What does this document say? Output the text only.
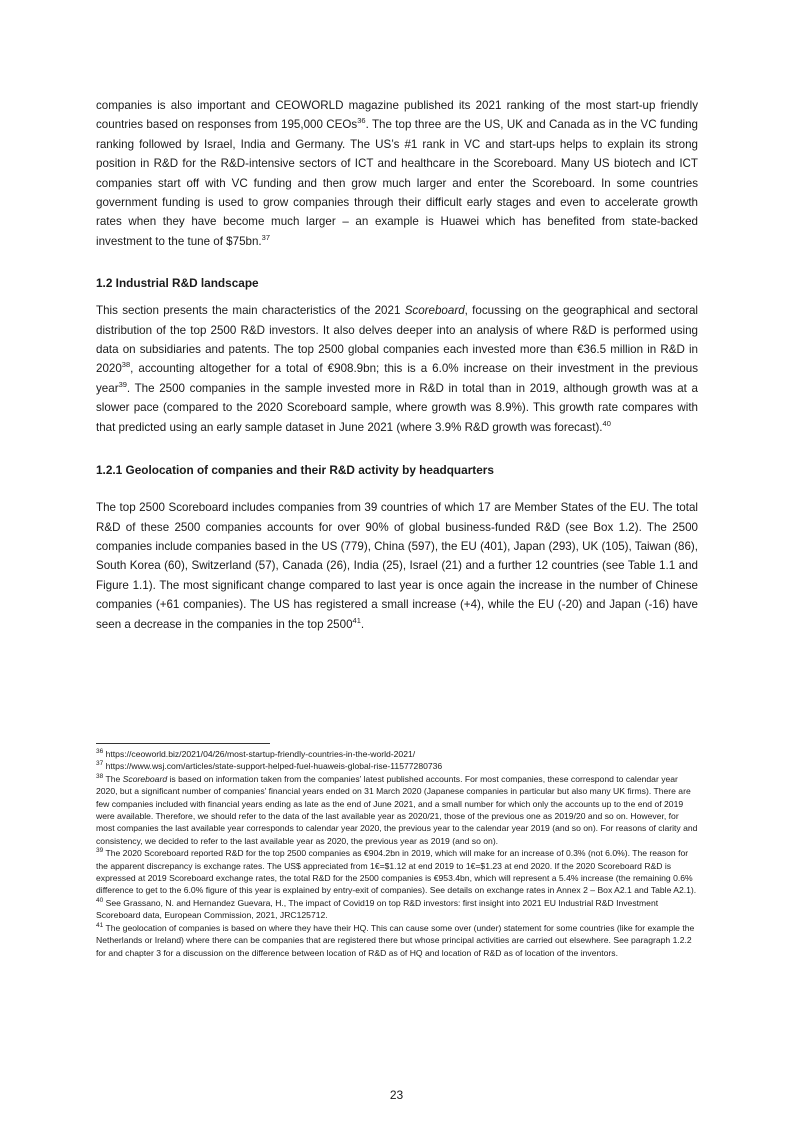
companies is also important and CEOWORLD magazine published its 2021 ranking of the most start-up friendly countries based on responses from 195,000 CEOs$^{36}$. The top three are the US, UK and Canada as in the VC funding ranking followed by Israel, India and Germany. The US’s #1 rank in VC and start-ups helps to explain its strong position in R&D for the R&D-intensive sectors of ICT and healthcare in the Scoreboard. Many US biotech and ICT companies start off with VC funding and then grow much larger and enter the Scoreboard. In some countries government funding is used to grow companies through their difficult early stages and even to accelerate growth rates when they have become much larger – an example is Huawei which has benefited from state-backed investment to the tune of $75bn.$^{37}$

1.2 Industrial R&D landscape

This section presents the main characteristics of the 2021 Scoreboard, focussing on the geographical and sectoral distribution of the top 2500 R&D investors. It also delves deeper into an analysis of where R&D is performed using data on subsidiaries and patents. The top 2500 global companies each invested more than €36.5 million in R&D in 2020$^{38}$, accounting altogether for a total of €908.9bn; this is a 6.0% increase on their investment in the previous year$^{39}$. The 2500 companies in the sample invested more in R&D in total than in 2019, although growth was at a slower pace (compared to the 2020 Scoreboard sample, where growth was 8.9%). This growth rate compares with that predicted using an early sample dataset in June 2021 (where 3.9% R&D growth was forecast).$^{40}$

1.2.1 Geolocation of companies and their R&D activity by headquarters

The top 2500 Scoreboard includes companies from 39 countries of which 17 are Member States of the EU. The total R&D of these 2500 companies accounts for over 90% of global business-funded R&D (see Box 1.2). The 2500 companies include companies based in the US (779), China (597), the EU (401), Japan (293), UK (105), Taiwan (86), South Korea (60), Switzerland (57), Canada (26), India (25), Israel (21) and a further 12 countries (see Table 1.1 and Figure 1.1). The most significant change compared to last year is once again the increase in the number of Chinese companies (+61 companies). The US has registered a small increase (+4), while the EU (-20) and Japan (-16) have seen a decrease in the companies in the top 2500$^{41}$.

$^{36}$ https://ceoworld.biz/2021/04/26/most-startup-friendly-countries-in-the-world-2021/

$^{37}$ https://www.wsj.com/articles/state-support-helped-fuel-huaweis-global-rise-11577280736

$^{38}$ The Scoreboard is based on information taken from the companies’ latest published accounts. For most companies, these correspond to calendar year 2020, but a significant number of companies’ financial years ended on 31 March 2020 (Japanese companies in particular but also many UK firms). There are few companies included with financial years ending as late as the end of June 2021, and a small number for which only the accounts up to the end of 2019 were available. Therefore, we should refer to the data of the last available year as 2020/21, those of the previous one as 2019/20 and so on. However, for most companies the last available year corresponds to calendar year 2020, the previous year to the calendar year 2019 (and so on). For reasons of clarity and consistency, we decided to refer to the last available year as 2020, the previous year as 2019 (and so on).

$^{39}$ The 2020 Scoreboard reported R&D for the top 2500 companies as €904.2bn in 2019, which will make for an increase of 0.3% (not 6.0%). The reason for the apparent discrepancy is exchange rates. The US$ appreciated from 1€=$1.12 at end 2019 to 1€=$1.23 at end 2020. If the 2020 Scoreboard R&D is expressed at 2019 Scoreboard exchange rates, the total R&D for the 2500 companies is €953.4bn, which will represent a 5.4% increase (the remaining 0.6% difference to get to the 6.0% figure of this year is explained by entry-exit of companies). See details on exchange rates in Annex 2 – Box A2.1 and Table A2.1).

$^{40}$ See Grassano, N. and Hernandez Guevara, H., The impact of Covid19 on top R&D investors: first insight into 2021 EU Industrial R&D Investment Scoreboard data, European Commission, 2021, JRC125712.

$^{41}$ The geolocation of companies is based on where they have their HQ. This can cause some over (under) statement for some countries (like for example the Netherlands or Ireland) where there can be companies that are registered there but whose principal activities are carried out elsewhere. See paragraph 1.2.2 for and chapter 3 for a discussion on the difference between location of R&D as of HQ and location of R&D as of location of the inventors.

23
